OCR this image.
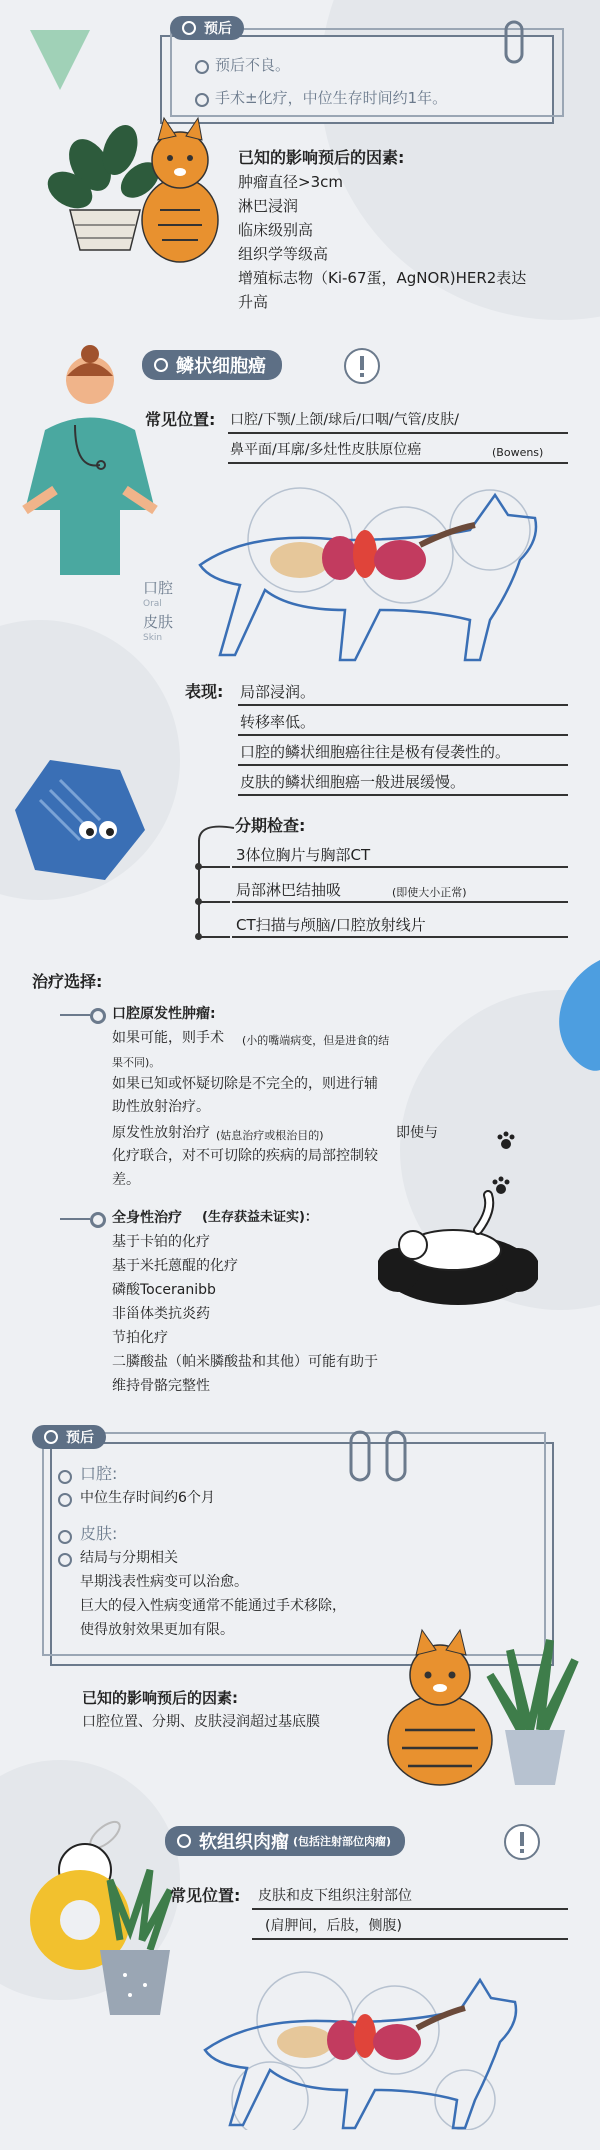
预后
预后不良。
手术±化疗，中位生存时间约1年。
已知的影响预后的因素:
肿瘤直径>3cm
淋巴浸润
临床级别高
组织学等级高
增殖标志物（Ki-67蛋，AgNOR)HER2表达
升高
鳞状细胞癌
常见位置: 口腔/下颚/上颌/球后/口咽/气管/皮肤/
鼻平面/耳廓/多灶性皮肤原位癌	(Bowens)
口腔
Oral
皮肤
Skin
表现: 局部浸润。
转移率低。
口腔的鳞状细胞癌往往是极有侵袭性的。
皮肤的鳞状细胞癌一般进展缓慢。
分期检查:
3体位胸片与胸部CT
局部淋巴结抽吸	(即使大小正常)
CT扫描与颅脑/口腔放射线片
治疗选择:
口腔原发性肿瘤:
如果可能，则手术 (小的嘴端病变，但是进食的结
果不同)。
如果已知或怀疑切除是不完全的，则进行辅
助性放射治疗。
原发性放射治疗 (姑息治疗或根治目的)	即使与
化疗联合，对不可切除的疾病的局部控制较
差。
全身性治疗 (生存获益未证实)：
基于卡铂的化疗
基于米托蒽醌的化疗
磷酸Toceranibb
非甾体类抗炎药
节拍化疗
二膦酸盐（帕米膦酸盐和其他）可能有助于
维持骨骼完整性
预后
口腔:
中位生存时间约6个月
皮肤:
结局与分期相关
早期浅表性病变可以治愈。
巨大的侵入性病变通常不能通过手术移除，
使得放射效果更加有限。
已知的影响预后的因素:
口腔位置、分期、皮肤浸润超过基底膜
软组织肉瘤 (包括注射部位肉瘤)
常见位置: 皮肤和皮下组织注射部位
(肩胛间，后肢，侧腹)
